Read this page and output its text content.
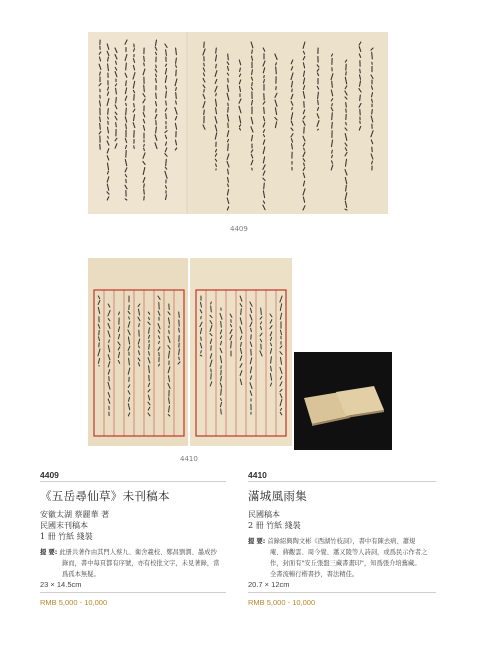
4409
4410
4409
《五岳尋仙草》未刊稿本
安徽太湖 蔡麗華 著
民國末刊稿本
1 冊 竹紙 綫裝
提 要: 此册共著作由其門人蔡九、衛舍羲校、鄭昌劉潤、墨成抄
錄而，書中每頁都有序號，亦有校批文字，未見著錄，當
爲孤本無疑。
23 × 14.5cm
RMB 5,000 - 10,000
4410
滿城風雨集
民國稿本
2 冊 竹紙 綫裝
提 要: 首錄紹興陶文彬《西湖竹枝詞》，書中有陳去病、蕭規
庵、蔣觀雲、周今覺、蕭又陵等人詩詞，或爲民示作者之
作，封面有"安丘張盤三藏書畫印"，知爲張介培舊藏。
全書流暢行楷書抄，書法精佳。
20.7 × 12cm
RMB 5,000 - 10,000
